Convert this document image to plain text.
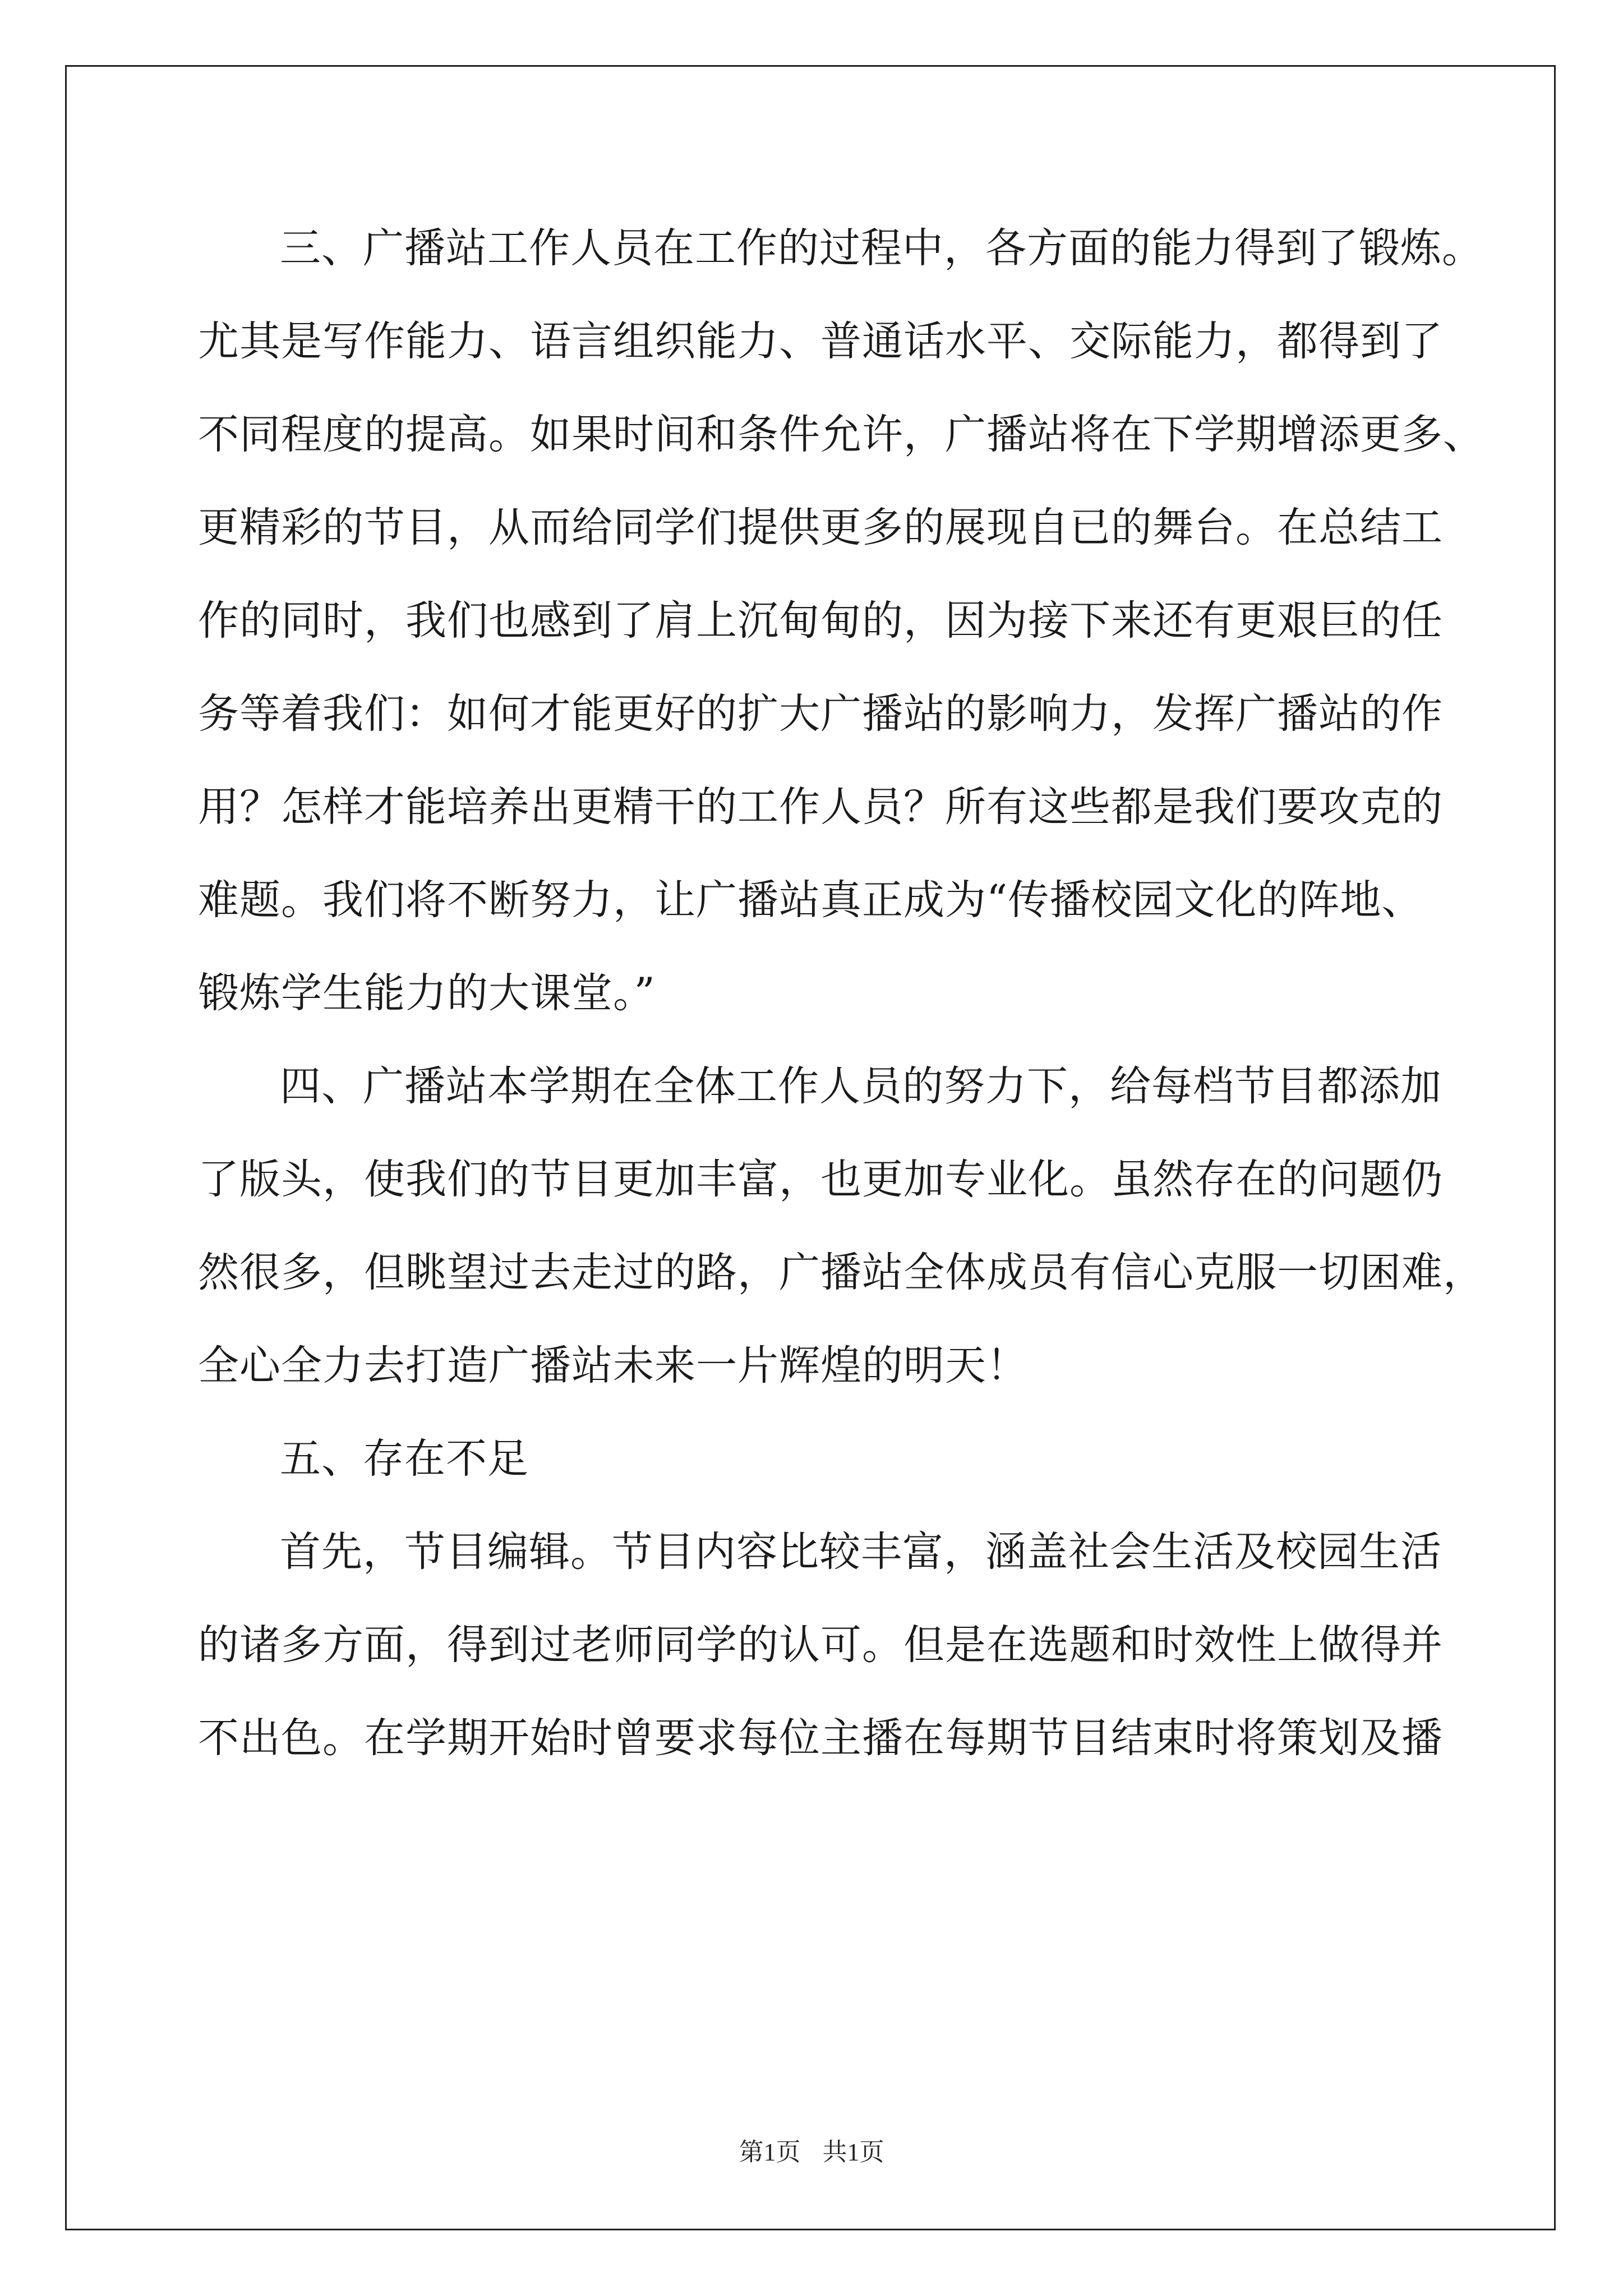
三、广播站工作人员在工作的过程中，各方面的能力得到了锻炼。
尤其是写作能力、语言组织能力、普通话水平、交际能力，都得到了
不同程度的提高。如果时间和条件允许，广播站将在下学期增添更多、
更精彩的节目，从而给同学们提供更多的展现自已的舞台。在总结工
作的同时，我们也感到了肩上沉甸甸的，因为接下来还有更艰巨的任
务等着我们：如何才能更好的扩大广播站的影响力，发挥广播站的作
用？怎样才能培养出更精干的工作人员？所有这些都是我们要攻克的
难题。我们将不断努力，让广播站真正成为“传播校园文化的阵地、
锻炼学生能力的大课堂。”
四、广播站本学期在全体工作人员的努力下，给每档节目都添加
了版头，使我们的节目更加丰富，也更加专业化。虽然存在的问题仍
然很多，但眺望过去走过的路，广播站全体成员有信心克服一切困难，
全心全力去打造广播站未来一片辉煌的明天！
五、存在不足
首先，节目编辑。节目内容比较丰富，涵盖社会生活及校园生活
的诸多方面，得到过老师同学的认可。但是在选题和时效性上做得并
不出色。在学期开始时曾要求每位主播在每期节目结束时将策划及播
第1页 共1页
